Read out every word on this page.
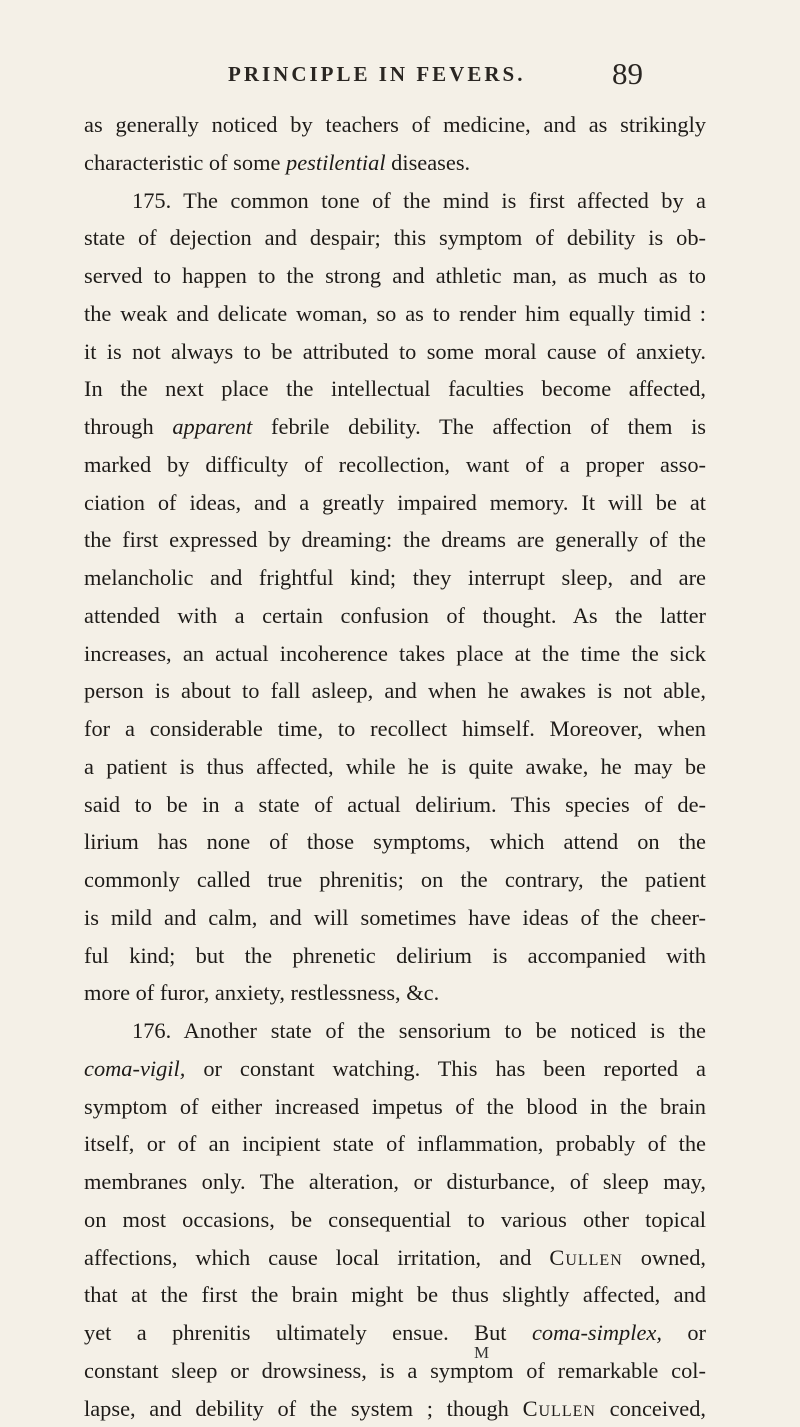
PRINCIPLE IN FEVERS.	89
as generally noticed by teachers of medicine, and as strikingly
characteristic of some pestilential diseases.
175. The common tone of the mind is first affected by a
state of dejection and despair; this symptom of debility is ob-
served to happen to the strong and athletic man, as much as to
the weak and delicate woman, so as to render him equally timid :
it is not always to be attributed to some moral cause of anxiety.
In the next place the intellectual faculties become affected,
through apparent febrile debility. The affection of them is
marked by difficulty of recollection, want of a proper asso-
ciation of ideas, and a greatly impaired memory. It will be at
the first expressed by dreaming: the dreams are generally of the
melancholic and frightful kind; they interrupt sleep, and are
attended with a certain confusion of thought. As the latter
increases, an actual incoherence takes place at the time the sick
person is about to fall asleep, and when he awakes is not able,
for a considerable time, to recollect himself. Moreover, when
a patient is thus affected, while he is quite awake, he may be
said to be in a state of actual delirium. This species of de-
lirium has none of those symptoms, which attend on the
commonly called true phrenitis; on the contrary, the patient
is mild and calm, and will sometimes have ideas of the cheer-
ful kind; but the phrenetic delirium is accompanied with
more of furor, anxiety, restlessness, &c.
176. Another state of the sensorium to be noticed is the
coma-vigil, or constant watching. This has been reported a
symptom of either increased impetus of the blood in the brain
itself, or of an incipient state of inflammation, probably of the
membranes only. The alteration, or disturbance, of sleep may,
on most occasions, be consequential to various other topical
affections, which cause local irritation, and Cullen owned,
that at the first the brain might be thus slightly affected, and
yet a phrenitis ultimately ensue. But coma-simplex, or
constant sleep or drowsiness, is a symptom of remarkable col-
lapse, and debility of the system ; though Cullen conceived,
M
